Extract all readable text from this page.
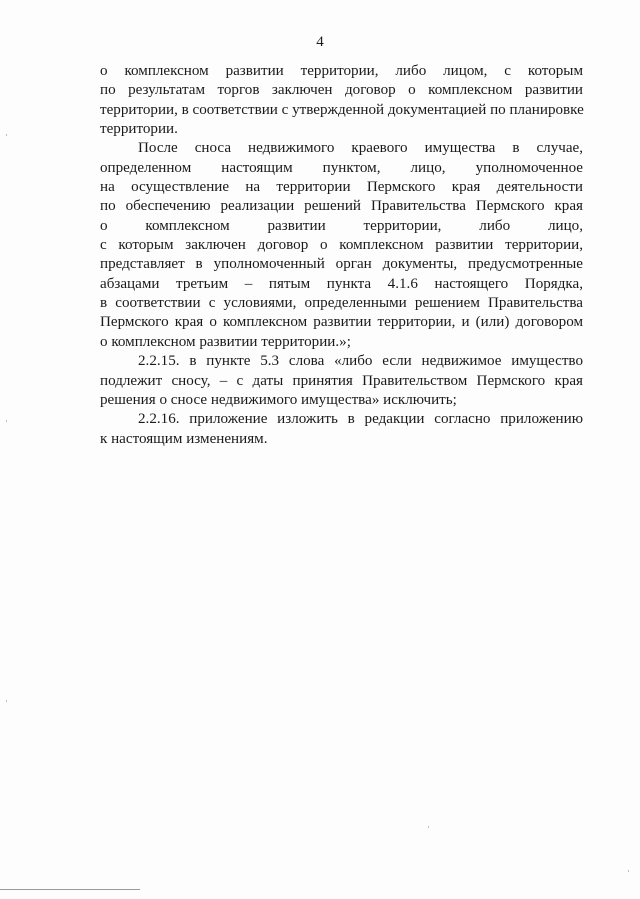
4
о комплексном развитии территории, либо лицом, с которым
по результатам торгов заключен договор о комплексном развитии
территории, в соответствии с утвержденной документацией по планировке
территории.
После сноса недвижимого краевого имущества в случае,
определенном настоящим пунктом, лицо, уполномоченное
на осуществление на территории Пермского края деятельности
по обеспечению реализации решений Правительства Пермского края
о комплексном развитии территории, либо лицо,
с которым заключен договор о комплексном развитии территории,
представляет в уполномоченный орган документы, предусмотренные
абзацами третьим – пятым пункта 4.1.6 настоящего Порядка,
в соответствии с условиями, определенными решением Правительства
Пермского края о комплексном развитии территории, и (или) договором
о комплексном развитии территории.»;
2.2.15. в пункте 5.3 слова «либо если недвижимое имущество
подлежит сносу, – с даты принятия Правительством Пермского края
решения о сносе недвижимого имущества» исключить;
2.2.16. приложение изложить в редакции согласно приложению
к настоящим изменениям.
